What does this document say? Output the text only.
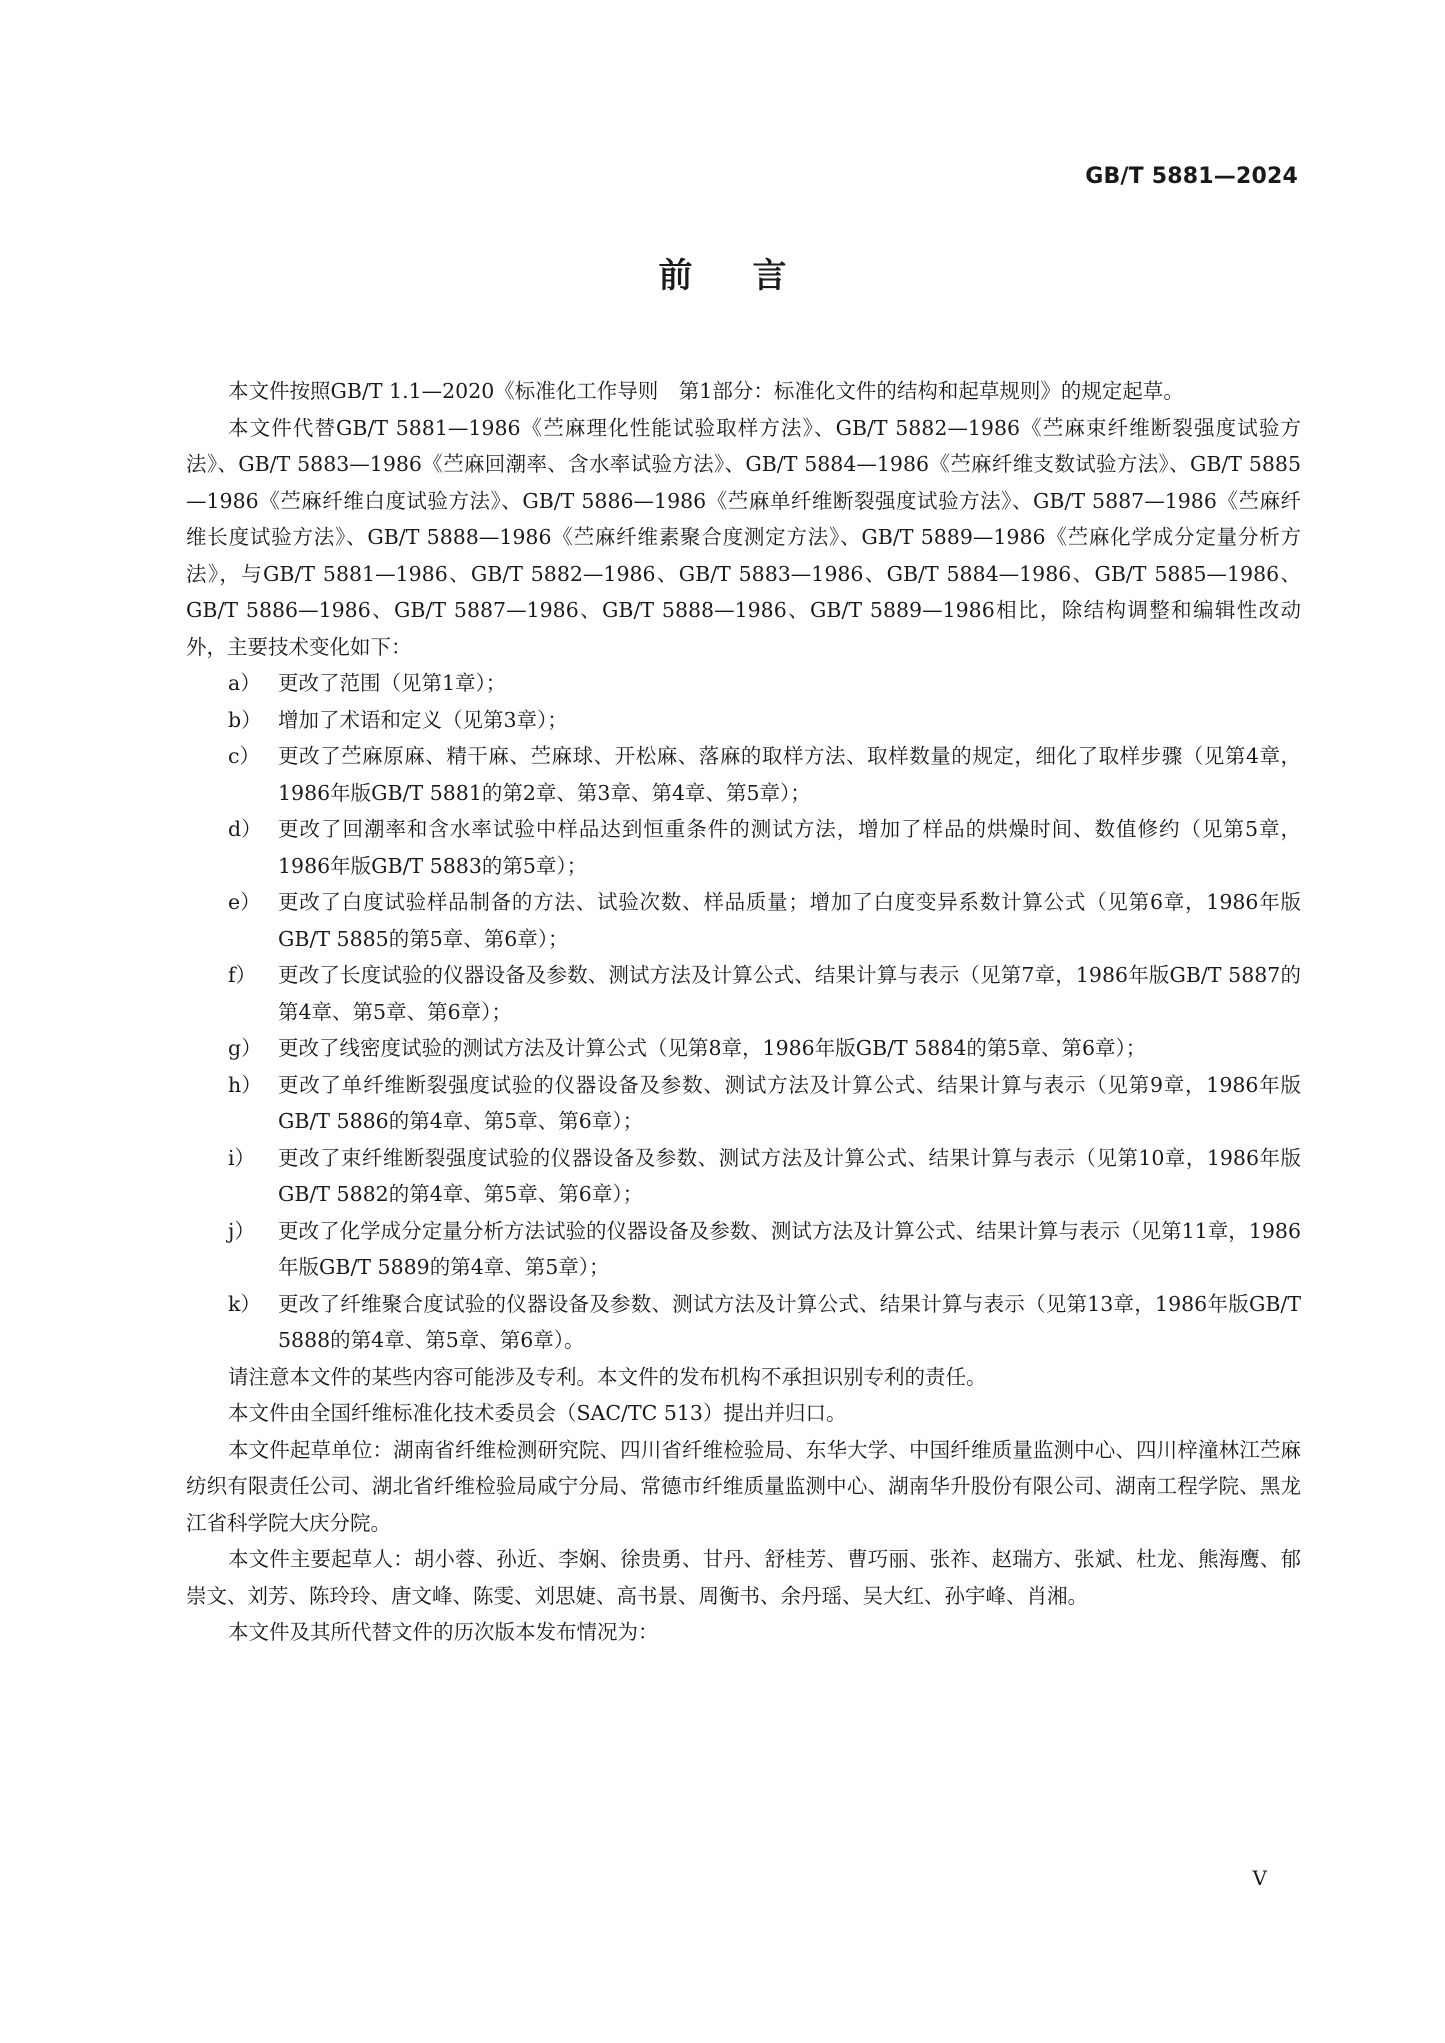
GB/T 5881—2024
前言

本文件按照GB/T 1.1—2020《标准化工作导则　第1部分：标准化文件的结构和起草规则》的规定起草。

本文件代替GB/T 5881—1986《苎麻理化性能试验取样方法》、GB/T 5882—1986《苎麻束纤维断裂强度试验方法》、GB/T 5883—1986《苎麻回潮率、含水率试验方法》、GB/T 5884—1986《苎麻纤维支数试验方法》、GB/T 5885—1986《苎麻纤维白度试验方法》、GB/T 5886—1986《苎麻单纤维断裂强度试验方法》、GB/T 5887—1986《苎麻纤维长度试验方法》、GB/T 5888—1986《苎麻纤维素聚合度测定方法》、GB/T 5889—1986《苎麻化学成分定量分析方法》，与GB/T 5881—1986、GB/T 5882—1986、GB/T 5883—1986、GB/T 5884—1986、GB/T 5885—1986、GB/T 5886—1986、GB/T 5887—1986、GB/T 5888—1986、GB/T 5889—1986相比，除结构调整和编辑性改动外，主要技术变化如下：

a） 更改了范围（见第1章）；
b） 增加了术语和定义（见第3章）；
c） 更改了苎麻原麻、精干麻、苎麻球、开松麻、落麻的取样方法、取样数量的规定，细化了取样步骤（见第4章，1986年版GB/T 5881的第2章、第3章、第4章、第5章）；
d） 更改了回潮率和含水率试验中样品达到恒重条件的测试方法，增加了样品的烘燥时间、数值修约（见第5章，1986年版GB/T 5883的第5章）；
e） 更改了白度试验样品制备的方法、试验次数、样品质量；增加了白度变异系数计算公式（见第6章，1986年版GB/T 5885的第5章、第6章）；
f）	更改了长度试验的仪器设备及参数、测试方法及计算公式、结果计算与表示（见第7章，1986年版GB/T 5887的第4章、第5章、第6章）；
g） 更改了线密度试验的测试方法及计算公式（见第8章，1986年版GB/T 5884的第5章、第6章）；
h） 更改了单纤维断裂强度试验的仪器设备及参数、测试方法及计算公式、结果计算与表示（见第9章，1986年版GB/T 5886的第4章、第5章、第6章）；
i）	更改了束纤维断裂强度试验的仪器设备及参数、测试方法及计算公式、结果计算与表示（见第10章，1986年版GB/T 5882的第4章、第5章、第6章）；
j）	更改了化学成分定量分析方法试验的仪器设备及参数、测试方法及计算公式、结果计算与表示（见第11章，1986年版GB/T 5889的第4章、第5章）；
k） 更改了纤维聚合度试验的仪器设备及参数、测试方法及计算公式、结果计算与表示（见第13章，1986年版GB/T 5888的第4章、第5章、第6章）。

请注意本文件的某些内容可能涉及专利。本文件的发布机构不承担识别专利的责任。

本文件由全国纤维标准化技术委员会（SAC/TC 513）提出并归口。

本文件起草单位：湖南省纤维检测研究院、四川省纤维检验局、东华大学、中国纤维质量监测中心、四川梓潼林江苎麻纺织有限责任公司、湖北省纤维检验局咸宁分局、常德市纤维质量监测中心、湖南华升股份有限公司、湖南工程学院、黑龙江省科学院大庆分院。

本文件主要起草人：胡小蓉、孙近、李娴、徐贵勇、甘丹、舒桂芳、曹巧丽、张祚、赵瑞方、张斌、杜龙、熊海鹰、郁崇文、刘芳、陈玲玲、唐文峰、陈雯、刘思婕、高书景、周衡书、余丹瑶、吴大红、孙宇峰、肖湘。

本文件及其所代替文件的历次版本发布情况为：

V
